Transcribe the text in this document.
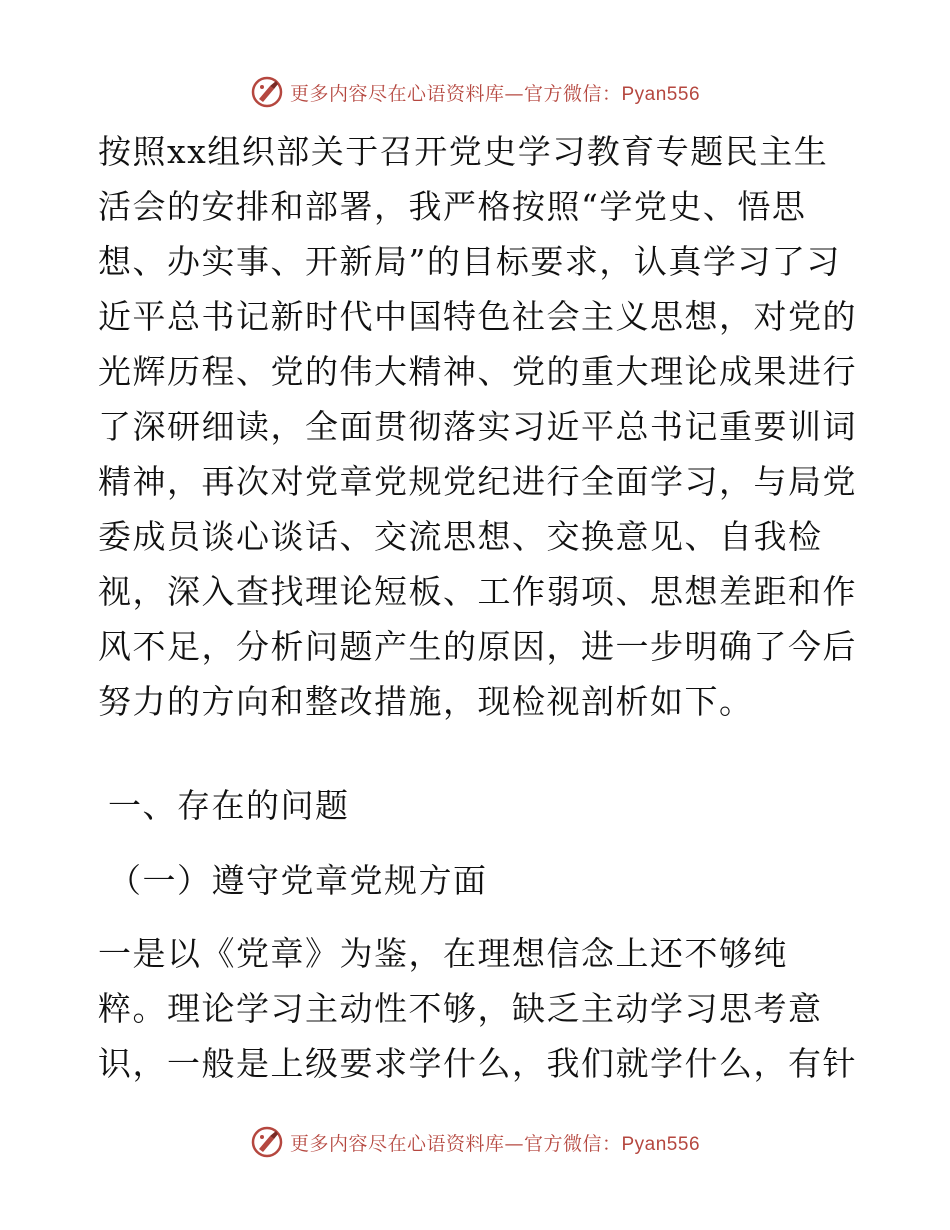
更多内容尽在心语资料库—官方微信：Pyan556
按照xx组织部关于召开党史学习教育专题民主生
活会的安排和部署，我严格按照“学党史、悟思
想、办实事、开新局”的目标要求，认真学习了习
近平总书记新时代中国特色社会主义思想，对党的
光辉历程、党的伟大精神、党的重大理论成果进行
了深研细读，全面贯彻落实习近平总书记重要训词
精神，再次对党章党规党纪进行全面学习，与局党
委成员谈心谈话、交流思想、交换意见、自我检
视，深入查找理论短板、工作弱项、思想差距和作
风不足，分析问题产生的原因，进一步明确了今后
努力的方向和整改措施，现检视剖析如下。
一、存在的问题
（一）遵守党章党规方面
一是以《党章》为鉴，在理想信念上还不够纯
粹。理论学习主动性不够，缺乏主动学习思考意
识，一般是上级要求学什么，我们就学什么，有针
更多内容尽在心语资料库—官方微信：Pyan556
